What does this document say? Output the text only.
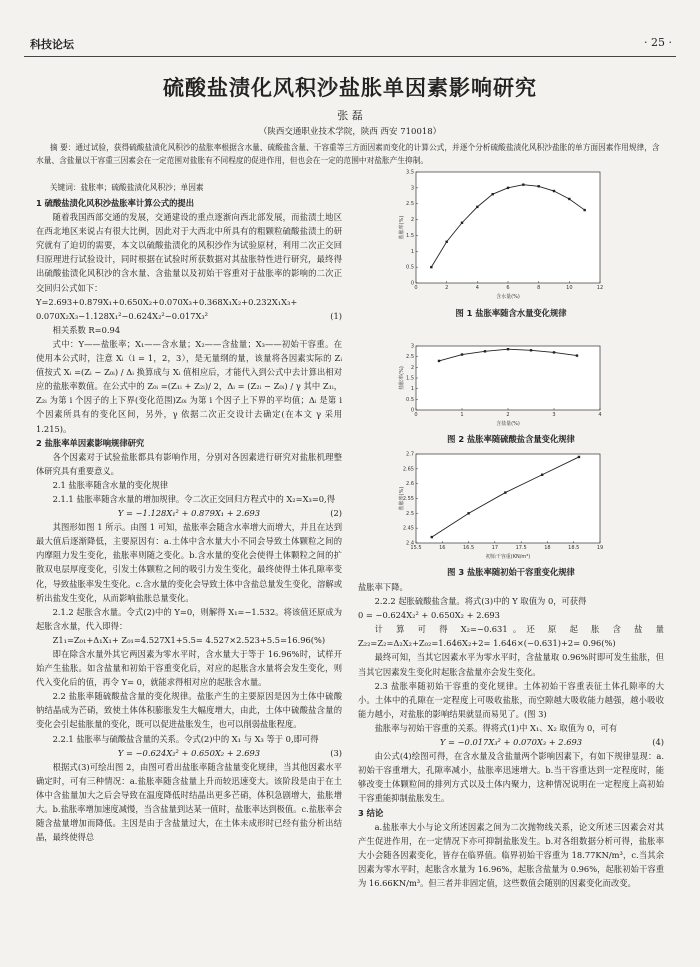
科技论坛	· 25 ·
硫酸盐渍化风积沙盐胀单因素影响研究
张 磊
（陕西交通职业技术学院，陕西 西安 710018）
摘 要：通过试验，获得硫酸盐渍化风积沙的盐胀率根据含水量、硫酸盐含量、干容重等三方面因素而变化的计算公式，并逐个分析硫酸盐渍化风积沙盐胀的单方面因素作用规律，含水量、含盐量以干容重三因素会在一定范围对盐胀有不同程度的促进作用，但也会在一定的范围中对盐胀产生抑制。
关键词：盐胀率；硫酸盐渍化风积沙；单因素

1 硫酸盐渍化风积沙盐胀率计算公式的提出

随着我国西部交通的发展，交通建设的重点逐渐向西北部发展，而盐渍土地区在西北地区来说占有很大比例，因此对于大西北中所具有的粗颗粒硫酸盐渍土的研究就有了迫切的需要，本文以硫酸盐渍化的风积沙作为试验原材，利用二次正交回归原理进行试验设计，同时根据在试验时所获数据对其盐胀特性进行研究，最终得出硫酸盐渍化风积沙的含水量、含盐量以及初始干容重对于盐胀率的影响的二次正交回归公式如下：

Y=2.693+0.879X₁+0.650X₂+0.070X₃+0.368X₁X₂+0.232X₁X₃+

0.070X₂X₃−1.128X₁²−0.624X₂²−0.017X₃²	(1)

相关系数 R=0.94

式中：Y——盐胀率；X₁——含水量；X₂——含盐量；X₃——初始干容重。在使用本公式时，注意 Xᵢ（i = 1，2，3），是无量纲的量，该量将各因素实际的 Zᵢ 值按式 Xᵢ =(Zᵢ − Z₀ᵢ) / Δᵢ 换算成与 Xᵢ 值相应后，才能代入到公式中去计算出相对应的盐胀率数值。在公式中的 Z₀ᵢ =(Z₁ᵢ + Z₂ᵢ)/ 2，Δᵢ = (Z₂ᵢ − Z₀ᵢ) / γ 其中 Z₁ᵢ，Z₂ᵢ 为第 i 个因子的上下界(变化范围)Z₀ᵢ 为第 i 个因子上下界的平均值；Δᵢ 是第 i 个因素所具有的变化区间，另外，γ 依据二次正交设计去确定(在本文 γ 采用 1.215)。

2 盐胀率单因素影响规律研究

各个因素对于试验盐胀都具有影响作用，分别对各因素进行研究对盐胀机理整体研究具有重要意义。

2.1 盐胀率随含水量的变化规律

2.1.1 盐胀率随含水量的增加规律。令二次正交回归方程式中的 X₂=X₃=0,得

Y = −1.128X₁² + 0.879X₁ + 2.693	(2)

其图形如图 1 所示。由图 1 可知，盐胀率会随含水率增大而增大，并且在达到最大值后逐渐降低，主要原因有：a.土体中含水量大小不同会导致土体颗粒之间的内摩阻力发生变化，盐胀率则随之变化。b.含水量的变化会使得土体颗粒之间的扩散双电层厚度变化，引发土体颗粒之间的吸引力发生变化，最终使得土体孔隙率变化，导致盐胀率发生变化。c.含水量的变化会导致土体中含盐总量发生变化，溶解或析出盐发生变化，从而影响盐胀总量变化。

2.1.2 起胀含水量。令式(2)中的 Y=0，则解得 X₁=−1.532。将该值还原成为起胀含水量，代入即得：

Z1₁=Z₀₁+Δ₁X₁+ Z₀₁=4.527X1+5.5= 4.527×2.523+5.5=16.96(%)

即在除含水量外其它两因素为零水平时，含水量大于等于 16.96%时，试样开始产生盐胀。如含盐量和初始干容重变化后，对应的起胀含水量将会发生变化，则代入变化后的值，再令 Y= 0，就能求得相对应的起胀含水量。

2.2 盐胀率随硫酸盐含量的变化规律。盐胀产生的主要原因是因为土体中硫酸钠结晶成为芒硝，致使土体体积膨胀发生大幅度增大，由此，土体中硫酸盐含量的变化会引起盐胀量的变化，既可以促进盐胀发生，也可以削弱盐胀程度。

2.2.1 盐胀率与硫酸盐含量的关系。令式(2)中的 X₁ 与 X₃ 等于 0,即可得

Y = −0.624X₂² + 0.650X₂ + 2.693	(3)

根据式(3)可绘出图 2，由图可看出盐胀率随含盐量变化规律，当其他因素水平确定时，可有三种情况：a.盐胀率随含盐量上升而较迅速变大。该阶段是由于在土体中含盐量加大之后会导致在温度降低时结晶出更多芒硝，体积急剧增大，盐胀增大。b.盐胀率增加速度减慢，当含盐量到达某一值时，盐胀率达到极值。c.盐胀率会随含盐量增加而降低。主因是由于含盐量过大，在土体未成形时已经有盐分析出结晶，最终使得总

盐胀率下降。

2.2.2 起胀硫酸盐含量。将式(3)中的 Y 取值为 0，可获得

0 = −0.624X₂² + 0.650X₂ + 2.693

计 算 可 得 X₂=−0.631。还 原 起 胀 含 盐 量 Z₂₂=Z₂=Δ₂X₂+Z₀₂=1.646X₂+2= 1.646×(−0.631)+2= 0.96(%)

最终可知，当其它因素水平为零水平时，含盐量取 0.96%时即可发生盐胀，但当其它因素发生变化时起胀含盐量亦会发生变化。

2.3 盐胀率随初始干容重的变化规律。土体初始干容重表征土体孔隙率的大小。土体中的孔隙在一定程度上可吸收盐胀，而空隙越大吸收能力越强，越小吸收能力越小，对盐胀的影响结果就显而易见了。(图 3)

盐胀率与初始干容重的关系。得将式(1)中 X₁、X₂ 取值为 0，可有

Y = −0.017X₃² + 0.070X₃ + 2.693	(4)

由公式(4)绘图可得，在含水量及含盐量两个影响因素下，有如下规律显现：a.初始干容重增大，孔隙率减小，盐胀率迅速增大。b.当干容重达到一定程度时，能够改变土体颗粒间的排列方式以及土体内聚力，这种情况说明在一定程度上高初始干容重能抑制盐胀发生。

3 结论

a.盐胀率大小与论文所述因素之间为二次抛物线关系，论文所述三因素会对其产生促进作用，在一定情况下亦可抑制盐胀发生。b.对各组数据分析可得，盐胀率大小会随各因素变化，皆存在临界值。临界初始干容重为 18.77KN/m³，c.当其余因素为零水平时，起胀含水量为 16.96%，起胀含盐量为 0.96%，起胀初始干容重为 16.66KN/m³。但三者并非固定值，这些数值会随别的因素变化而改变。

0
0.5
1
1.5
2
2.5
3
3.5
0	2	4	6	8	10	12
含水量(%)
盐胀率(%)
图 1 盐胀率随含水量变化规律
0
0.5
1
1.5
2
2.5
3
0	1	2	3	4
含盐量(%)
盐胀率(%)
图 2 盐胀率随硫酸盐含量变化规律
2.4
2.45
2.5
2.55
2.6
2.65
2.7
15.5	16	16.5	17	17.5	18	18.5	19
初始干容重(KN/m³)
盐胀率(%)
图 3 盐胀率随初始干容重变化规律
